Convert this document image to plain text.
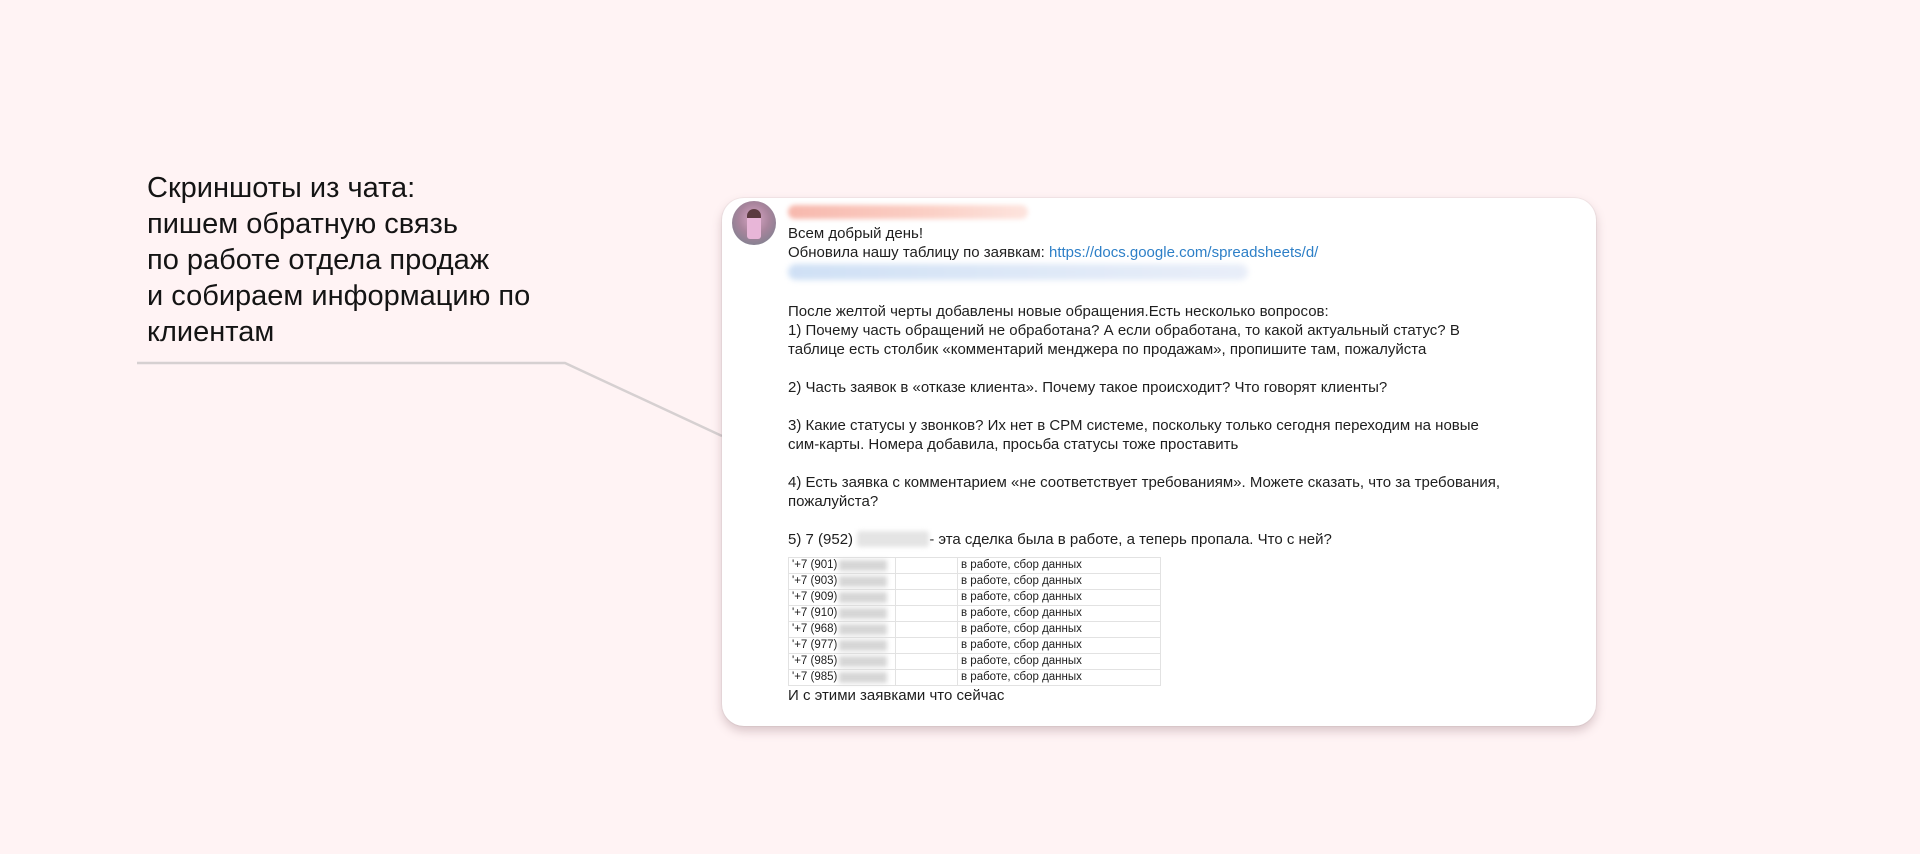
Скриншоты из чата:
пишем обратную связь
по работе отдела продаж
и собираем информацию по
клиентам

Всем добрый день!

Обновила нашу таблицу по заявкам: https://docs.google.com/spreadsheets/d/

После желтой черты добавлены новые обращения.Есть несколько вопросов:

1) Почему часть обращений не обработана? А если обработана, то какой актуальный статус? В

таблице есть столбик «комментарий менджера по продажам», пропишите там, пожалуйста

2) Часть заявок в «отказе клиента». Почему такое происходит? Что говорят клиенты?

3) Какие статусы у звонков? Их нет в СРМ системе, поскольку только сегодня переходим на новые

сим-карты. Номера добавила, просьба статусы тоже проставить

4) Есть заявка с комментарием «не соответствует требованиям». Можете сказать, что за требования,

пожалуйста?

5) 7 (952)	- эта сделка была в работе, а теперь пропала. Что с ней?

'+7 (901)		в работе, сбор данных
'+7 (903)		в работе, сбор данных
'+7 (909)		в работе, сбор данных
'+7 (910)		в работе, сбор данных
'+7 (968)		в работе, сбор данных
'+7 (977)		в работе, сбор данных
'+7 (985)		в работе, сбор данных
'+7 (985)		в работе, сбор данных

И с этими заявками что сейчас
